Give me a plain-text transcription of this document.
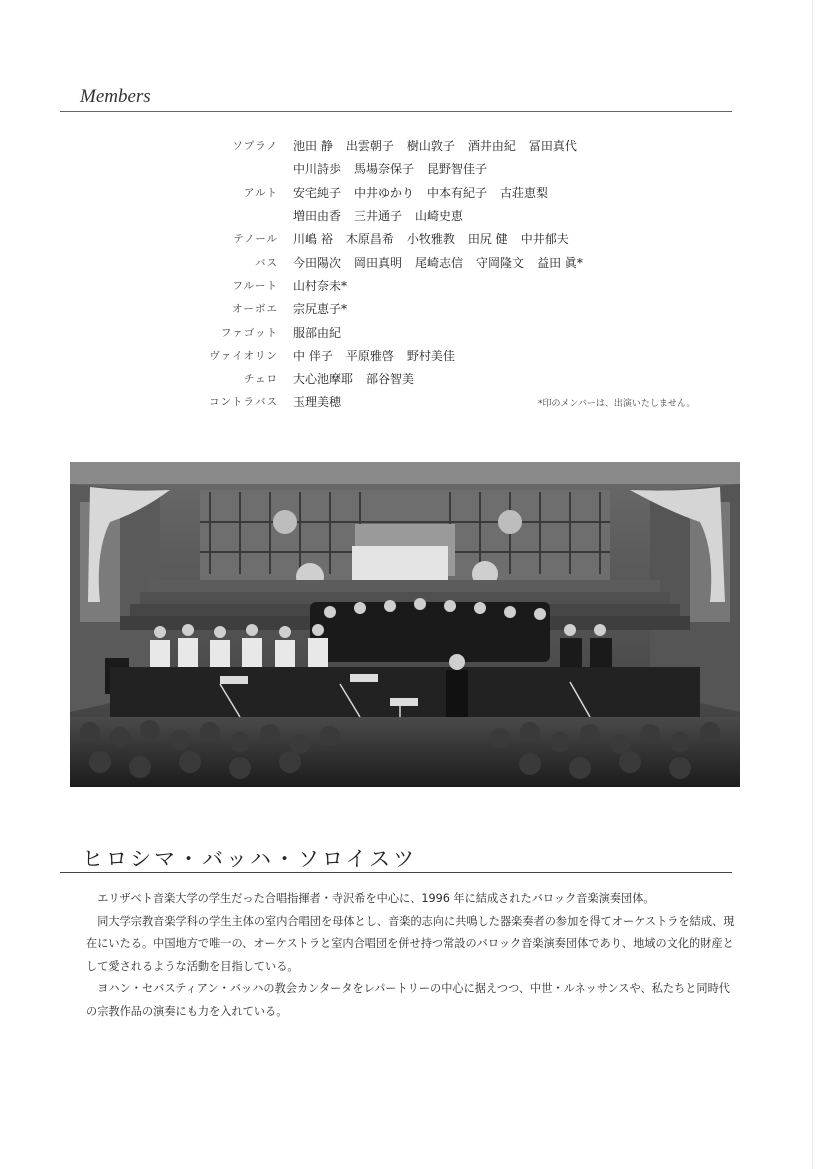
Members
ソプラノ 池田 静 出雲朝子 樹山敦子 酒井由紀 冨田真代
中川詩歩 馬場奈保子 昆野智佳子
アルト 安宅純子 中井ゆかり 中本有紀子 古荘恵梨
増田由香 三井通子 山崎史恵
テノール 川嶋 裕 木原昌希 小牧雅教 田尻 健 中井郁夫
バス 今田陽次 岡田真明 尾崎志信 守岡隆文 益田 眞*
フルート 山村奈未*
オーボエ 宗尻恵子*
ファゴット 服部由紀
ヴァイオリン 中 伴子 平原雅啓 野村美佳
チェロ 大心池摩耶 部谷智美
コントラバス 玉理美穂	*印のメンバーは、出演いたしません。
ヒロシマ・バッハ・ソロイスツ

エリザベト音楽大学の学生だった合唱指揮者・寺沢希を中心に、1996 年に結成されたバロック音楽演奏団体。

同大学宗教音楽学科の学生主体の室内合唱団を母体とし、音楽的志向に共鳴した器楽奏者の参加を得てオーケストラを結成、現在にいたる。中国地方で唯一の、オーケストラと室内合唱団を併せ持つ常設のバロック音楽演奏団体であり、地域の文化的財産として愛されるような活動を目指している。

ヨハン・セバスティアン・バッハの教会カンタータをレパートリーの中心に据えつつ、中世・ルネッサンスや、私たちと同時代の宗教作品の演奏にも力を入れている。
